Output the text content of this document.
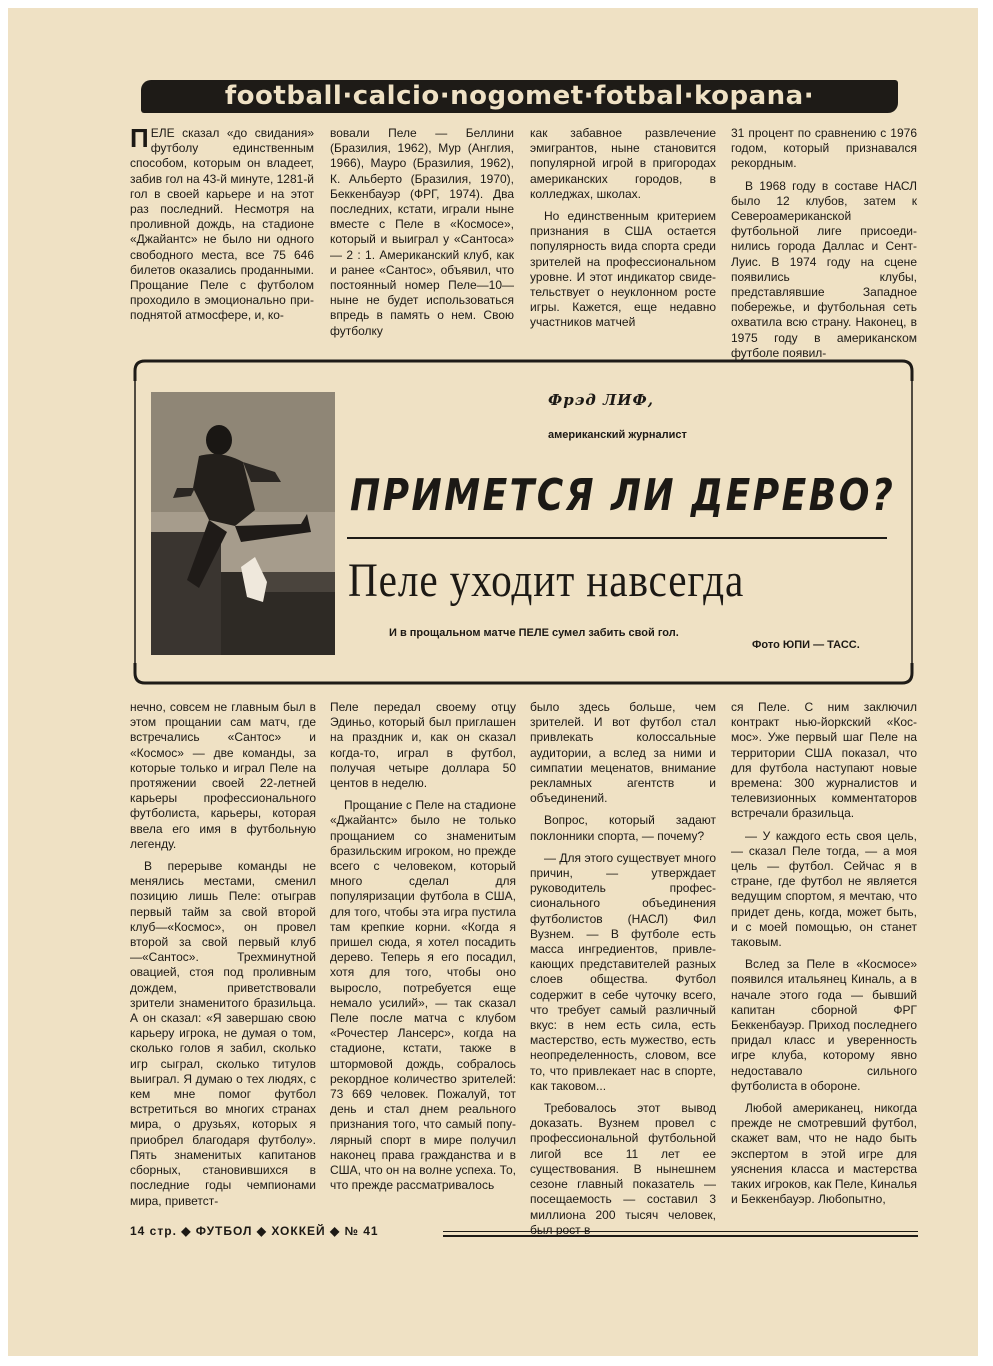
football·calcio·nogomet·fotbal·kopana·

ПЕЛЕ сказал «до свидания» футболу единственным способом, которым он владеет, забив гол на 43-й минуте, 1281-й гол в своей карьере и на этот раз последний. Несмотря на проливной дождь, на стадионе «Джайантс» не было ни одного свободного места, все 75 646 билетов оказались проданными. Прощание Пеле с футболом проходило в эмоционально приподнятой атмосфере, и, ко-

вовали Пеле — Беллини (Бразилия, 1962), Мур (Англия, 1966), Мауро (Бразилия, 1962), К. Альберто (Бразилия, 1970), Беккенбауэр (ФРГ, 1974). Два последних, кстати, играли ныне вместе с Пеле в «Космосе», который и выиграл у «Сантоса» — 2 : 1. Американский клуб, как и ранее «Сантос», объявил, что постоянный номер Пеле—10—ныне не будет использоваться впредь в память о нем. Свою футболку

как забавное развлечение эмигрантов, ныне становится популярной игрой в пригородах американских городов, в колледжах, школах.

Но единственным критерием признания в США остается популярность вида спорта среди зрителей на профессиональном уровне. И этот индикатор свидетельствует о неуклонном росте игры. Кажется, еще недавно участников матчей

31 процент по сравнению с 1976 годом, который признавался рекордным.

В 1968 году в составе НАСЛ было 12 клубов, затем к Североамериканской футбольной лиге присоединились города Даллас и Сент-Луис. В 1974 году на сцене появились клубы, представлявшие Западное побережье, и футбольная сеть охватила всю страну. Наконец, в 1975 году в американском футболе появил-

Фрэд ЛИФ,
американский журналист
ПРИМЕТСЯ ЛИ ДЕРЕВО?
Пеле уходит навсегда
И в прощальном матче ПЕЛЕ сумел забить свой гол.
Фото ЮПИ — ТАСС.

нечно, совсем не главным был в этом прощании сам матч, где встречались «Сантос» и «Космос» — две команды, за которые только и играл Пеле на протяжении своей 22-летней карьеры профессионального футболиста, карьеры, которая ввела его имя в футбольную легенду.

В перерыве команды не менялись местами, сменил позицию лишь Пеле: отыграв первый тайм за свой второй клуб—«Космос», он провел второй за свой первый клуб—«Сантос». Трехминутной овацией, стоя под проливным дождем, приветствовали зрители знаменитого бразильца. А он сказал: «Я завершаю свою карьеру игрока, не думая о том, сколько голов я забил, сколько игр сыграл, сколько титулов выиграл. Я думаю о тех людях, с кем мне помог футбол встретиться во многих странах мира, о друзьях, которых я приобрел благодаря футболу». Пять знаменитых капитанов сборных, становившихся в последние годы чемпионами мира, приветст-

Пеле передал своему отцу Эдиньо, который был приглашен на праздник и, как он сказал когда-то, играл в футбол, получая четыре доллара 50 центов в неделю.

Прощание с Пеле на стадионе «Джайантс» было не только прощанием со знаменитым бразильским игроком, но прежде всего с человеком, который много сделал для популяризации футбола в США, для того, чтобы эта игра пустила там крепкие корни. «Когда я пришел сюда, я хотел посадить дерево. Теперь я его посадил, хотя для того, чтобы оно выросло, потребуется еще немало усилий», — так сказал Пеле после матча с клубом «Рочестер Лансерс», когда на стадионе, кстати, также в штормовой дождь, собралось рекордное количество зрителей: 73 669 человек. Пожалуй, тот день и стал днем реального признания того, что самый популярный спорт в мире получил наконец права гражданства и в США, что он на волне успеха. То, что прежде рассматривалось

было здесь больше, чем зрителей. И вот футбол стал привлекать колоссальные аудитории, а вслед за ними и симпатии меценатов, внимание рекламных агентств и объединений.

Вопрос, который задают поклонники спорта, — почему?

— Для этого существует много причин, — утверждает руководитель профессионального объединения футболистов (НАСЛ) Фил Вузнем. — В футболе есть масса ингредиентов, привлекающих представителей разных слоев общества. Футбол содержит в себе чуточку всего, что требует самый различный вкус: в нем есть сила, есть мастерство, есть мужество, есть неопределенность, словом, все то, что привлекает нас в спорте, как таковом...

Требовалось этот вывод доказать. Вузнем провел с профессиональной футбольной лигой все 11 лет ее существования. В нынешнем сезоне главный показатель — посещаемость — составил 3 миллиона 200 тысяч человек, был рост в

ся Пеле. С ним заключил контракт нью-йоркский «Космос». Уже первый шаг Пеле на территории США показал, что для футбола наступают новые времена: 300 журналистов и телевизионных комментаторов встречали бразильца.

— У каждого есть своя цель, — сказал Пеле тогда, — а моя цель — футбол. Сейчас я в стране, где футбол не является ведущим спортом, я мечтаю, что придет день, когда, может быть, и с моей помощью, он станет таковым.

Вслед за Пеле в «Космосе» появился итальянец Киналь, а в начале этого года — бывший капитан сборной ФРГ Беккенбауэр. Приход последнего придал класс и уверенность игре клуба, которому явно недоставало сильного футболиста в обороне.

Любой американец, никогда прежде не смотревший футбол, скажет вам, что не надо быть экспертом в этой игре для уяснения класса и мастерства таких игроков, как Пеле, Киналья и Беккенбауэр. Любопытно,

14 стр. ◆ ФУТБОЛ ◆ ХОККЕЙ ◆ № 41
